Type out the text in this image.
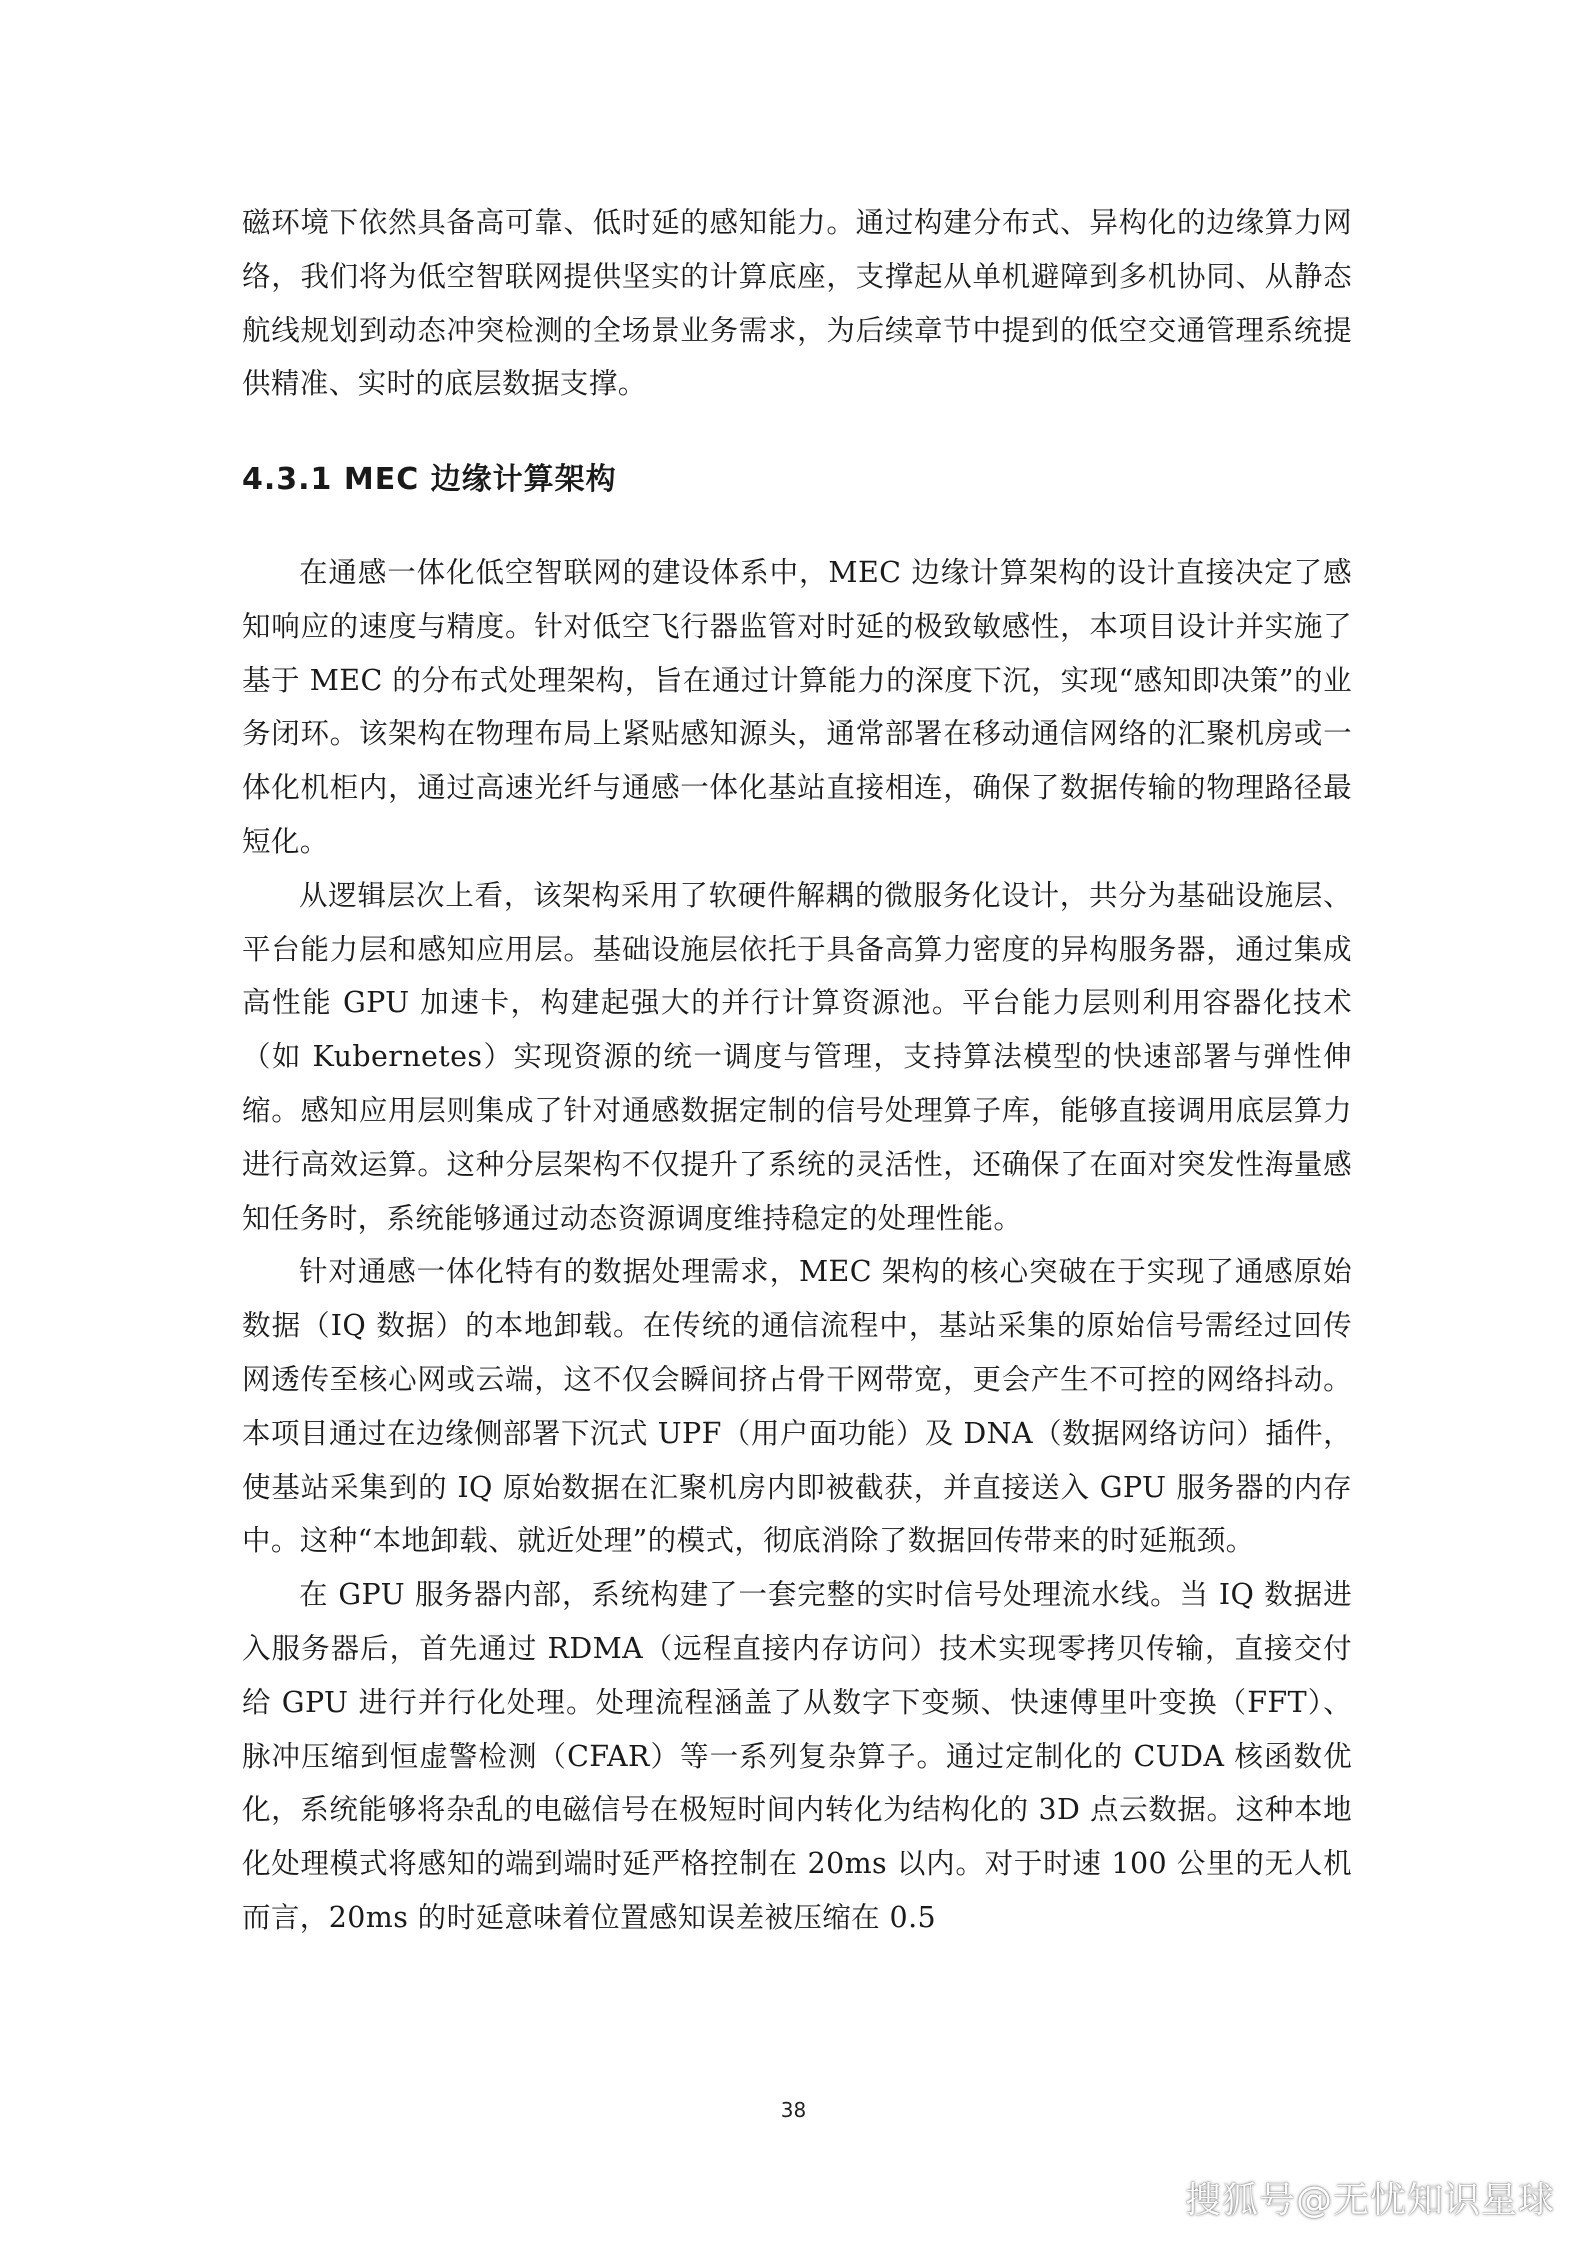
磁环境下依然具备高可靠、低时延的感知能力。通过构建分布式、异构化的边缘算力网络，我们将为低空智联网提供坚实的计算底座，支撑起从单机避障到多机协同、从静态航线规划到动态冲突检测的全场景业务需求，为后续章节中提到的低空交通管理系统提供精准、实时的底层数据支撑。

4.3.1 MEC 边缘计算架构

在通感一体化低空智联网的建设体系中，MEC 边缘计算架构的设计直接决定了感知响应的速度与精度。针对低空飞行器监管对时延的极致敏感性，本项目设计并实施了基于 MEC 的分布式处理架构，旨在通过计算能力的深度下沉，实现“感知即决策”的业务闭环。该架构在物理布局上紧贴感知源头，通常部署在移动通信网络的汇聚机房或一体化机柜内，通过高速光纤与通感一体化基站直接相连，确保了数据传输的物理路径最短化。

从逻辑层次上看，该架构采用了软硬件解耦的微服务化设计，共分为基础设施层、平台能力层和感知应用层。基础设施层依托于具备高算力密度的异构服务器，通过集成高性能 GPU 加速卡，构建起强大的并行计算资源池。平台能力层则利用容器化技术（如 Kubernetes）实现资源的统一调度与管理，支持算法模型的快速部署与弹性伸缩。感知应用层则集成了针对通感数据定制的信号处理算子库，能够直接调用底层算力进行高效运算。这种分层架构不仅提升了系统的灵活性，还确保了在面对突发性海量感知任务时，系统能够通过动态资源调度维持稳定的处理性能。

针对通感一体化特有的数据处理需求，MEC 架构的核心突破在于实现了通感原始数据（IQ 数据）的本地卸载。在传统的通信流程中，基站采集的原始信号需经过回传网透传至核心网或云端，这不仅会瞬间挤占骨干网带宽，更会产生不可控的网络抖动。本项目通过在边缘侧部署下沉式 UPF（用户面功能）及 DNA（数据网络访问）插件，使基站采集到的 IQ 原始数据在汇聚机房内即被截获，并直接送入 GPU 服务器的内存中。这种“本地卸载、就近处理”的模式，彻底消除了数据回传带来的时延瓶颈。

在 GPU 服务器内部，系统构建了一套完整的实时信号处理流水线。当 IQ 数据进入服务器后，首先通过 RDMA（远程直接内存访问）技术实现零拷贝传输，直接交付给 GPU 进行并行化处理。处理流程涵盖了从数字下变频、快速傅里叶变换（FFT）、脉冲压缩到恒虚警检测（CFAR）等一系列复杂算子。通过定制化的 CUDA 核函数优化，系统能够将杂乱的电磁信号在极短时间内转化为结构化的 3D 点云数据。这种本地化处理模式将感知的端到端时延严格控制在 20ms 以内。对于时速 100 公里的无人机而言，20ms 的时延意味着位置感知误差被压缩在 0.5

38
搜狐号@无忧知识星球
